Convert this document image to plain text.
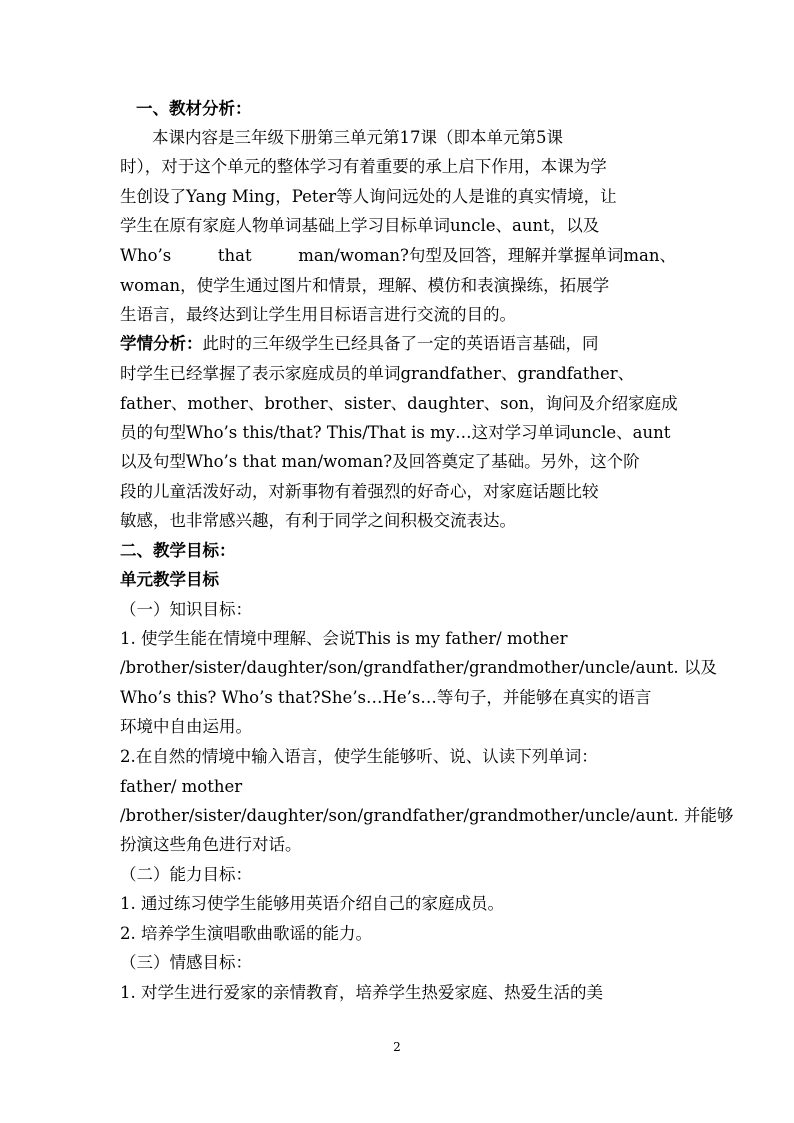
一、教材分析：
本课内容是三年级下册第三单元第17课（即本单元第5课
时），对于这个单元的整体学习有着重要的承上启下作用，本课为学
生创设了Yang Ming，Peter等人询问远处的人是谁的真实情境，让
学生在原有家庭人物单词基础上学习目标单词uncle、aunt，以及
Who’s	that	man/woman?句型及回答，理解并掌握单词man、
woman，使学生通过图片和情景，理解、模仿和表演操练，拓展学
生语言，最终达到让学生用目标语言进行交流的目的。
学情分析：此时的三年级学生已经具备了一定的英语语言基础，同
时学生已经掌握了表示家庭成员的单词grandfather、grandfather、
father、mother、brother、sister、daughter、son，询问及介绍家庭成
员的句型Who’s this/that? This/That is my…这对学习单词uncle、aunt
以及句型Who’s that man/woman?及回答奠定了基础。另外，这个阶
段的儿童活泼好动，对新事物有着强烈的好奇心，对家庭话题比较
敏感，也非常感兴趣，有利于同学之间积极交流表达。
二、教学目标：
单元教学目标
（一）知识目标：
1. 使学生能在情境中理解、会说This is my father/ mother
/brother/sister/daughter/son/grandfather/grandmother/uncle/aunt. 以及
Who’s this? Who’s that?She’s…He’s…等句子，并能够在真实的语言
环境中自由运用。
2.在自然的情境中输入语言，使学生能够听、说、认读下列单词：
father/ mother
/brother/sister/daughter/son/grandfather/grandmother/uncle/aunt. 并能够
扮演这些角色进行对话。
（二）能力目标：
1. 通过练习使学生能够用英语介绍自己的家庭成员。
2. 培养学生演唱歌曲歌谣的能力。
（三）情感目标：
1. 对学生进行爱家的亲情教育，培养学生热爱家庭、热爱生活的美
2
